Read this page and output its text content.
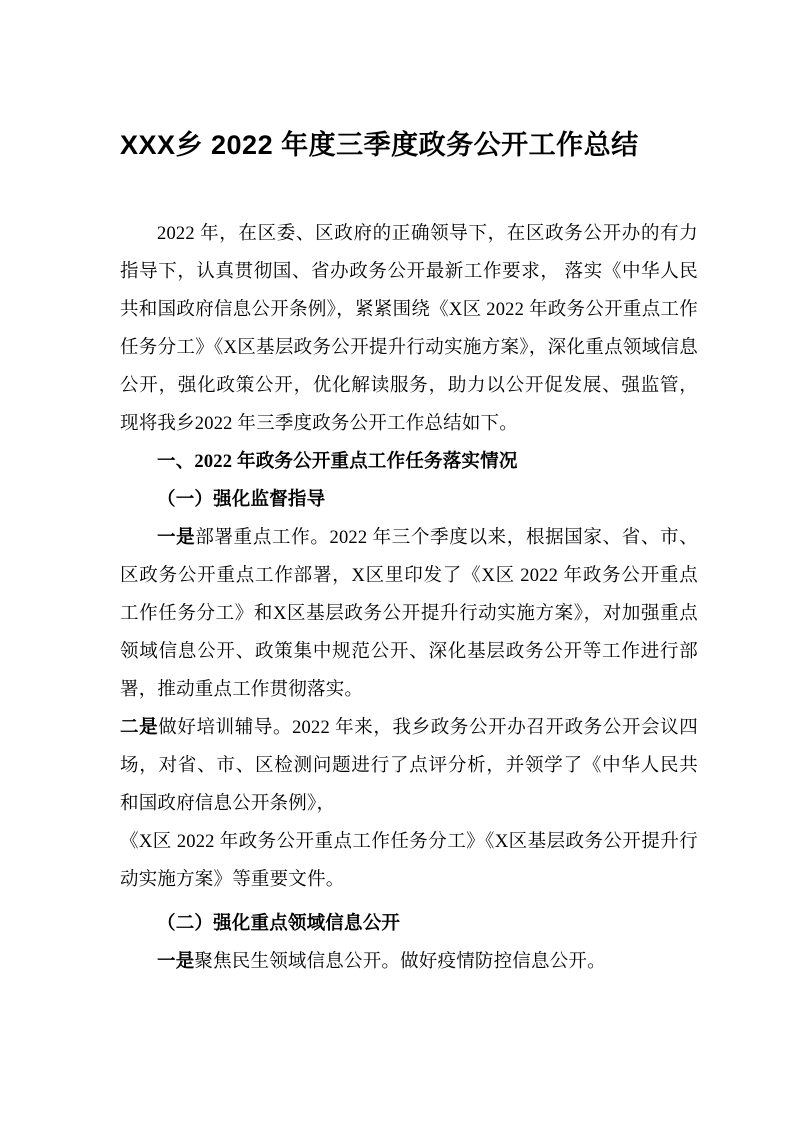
XXX乡 2022 年度三季度政务公开工作总结

2022 年，在区委、区政府的正确领导下，在区政务公开办的有力指导下，认真贯彻国、省办政务公开最新工作要求， 落实《中华人民共和国政府信息公开条例》，紧紧围绕《X区 2022 年政务公开重点工作任务分工》《X区基层政务公开提升行动实施方案》，深化重点领域信息公开，强化政策公开，优化解读服务，助力以公开促发展、强监管，现将我乡2022 年三季度政务公开工作总结如下。

一、2022 年政务公开重点工作任务落实情况

（一）强化监督指导

一是部署重点工作。2022 年三个季度以来，根据国家、省、市、区政务公开重点工作部署，X区里印发了《X区 2022 年政务公开重点工作任务分工》和X区基层政务公开提升行动实施方案》，对加强重点领域信息公开、政策集中规范公开、深化基层政务公开等工作进行部署，推动重点工作贯彻落实。

二是做好培训辅导。2022 年来，我乡政务公开办召开政务公开会议四场，对省、市、区检测问题进行了点评分析，并领学了《中华人民共和国政府信息公开条例》，

《X区 2022 年政务公开重点工作任务分工》《X区基层政务公开提升行动实施方案》等重要文件。

（二）强化重点领域信息公开

一是聚焦民生领域信息公开。做好疫情防控信息公开。
